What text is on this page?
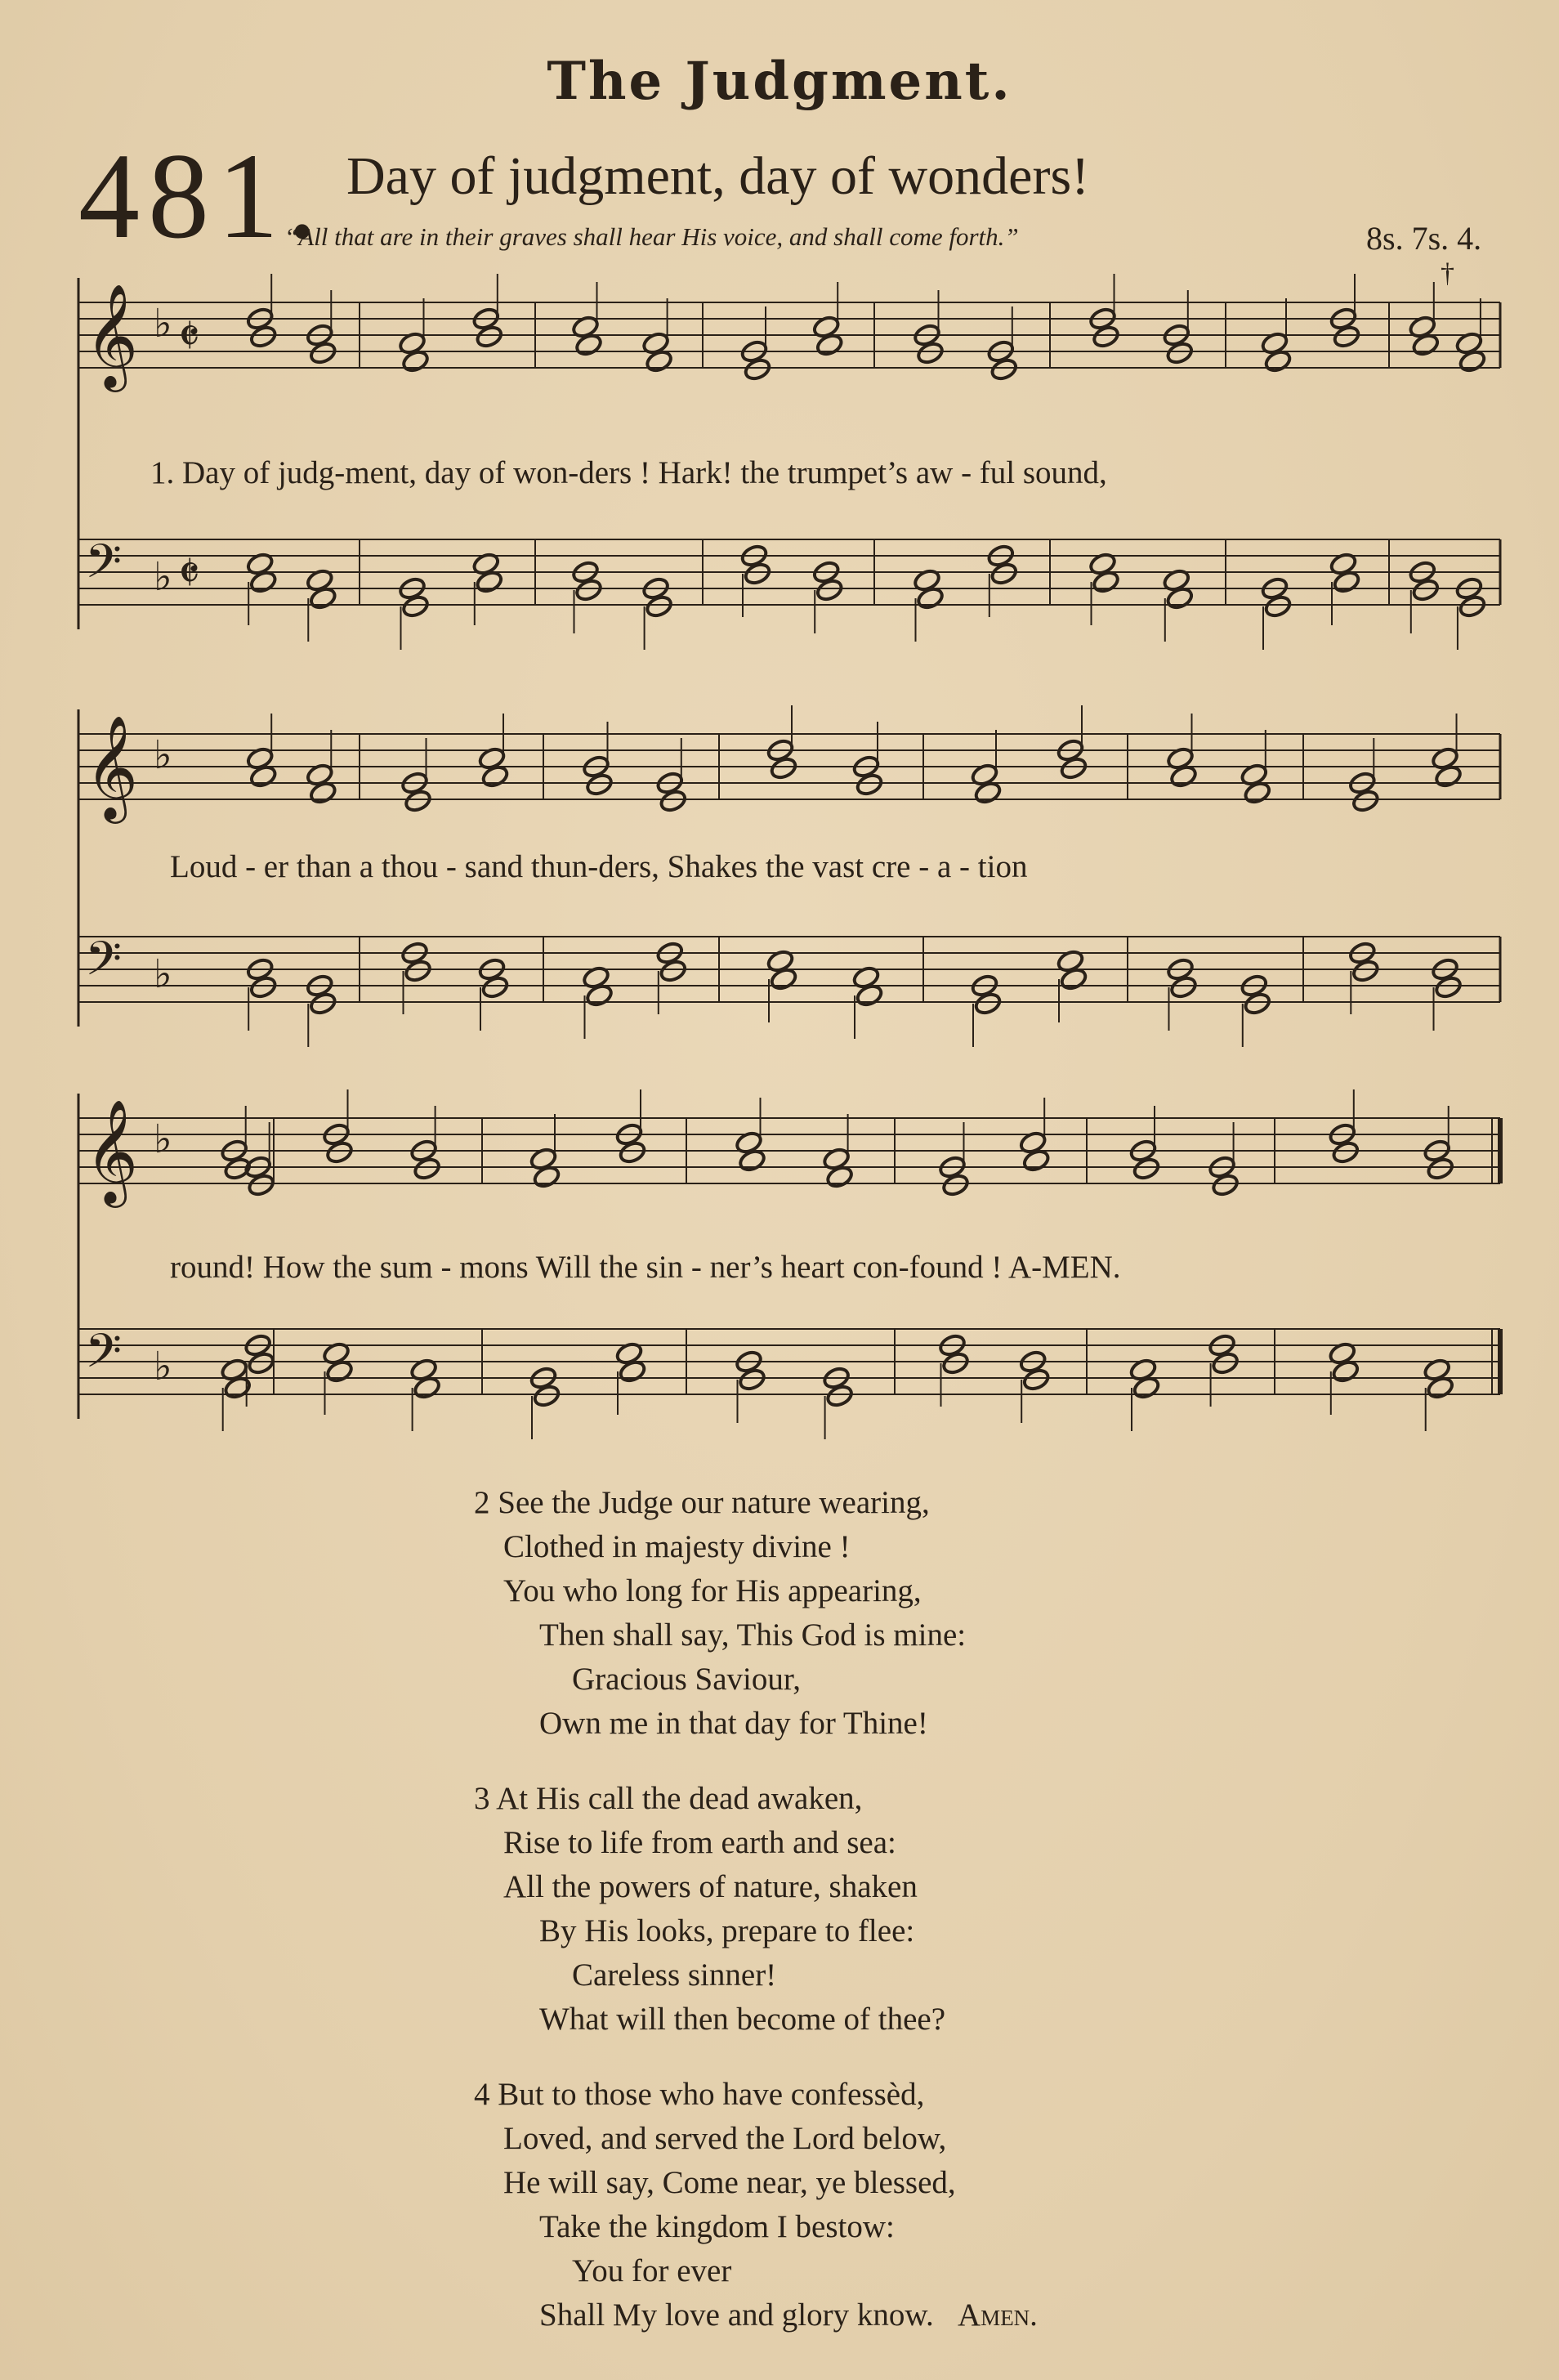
The Judgment.
481. Day of judgment, day of wonders!
“All that are in their graves shall hear His voice, and shall come forth.”	8s. 7s. 4.
†
𝄞 ♭ 𝄵
𝄢 ♭ 𝄵
𝄞 ♭
𝄢 ♭
𝄞 ♭
𝄢 ♭
1. Day of judg-ment, day of won-ders ! Hark! the trumpet’s aw - ful sound,
Loud - er than a thou - sand thun-ders, Shakes the vast cre - a - tion
round! How the sum - mons Will the sin - ner’s heart con-found ! A-MEN.
2 See the Judge our nature wearing,
Clothed in majesty divine !
You who long for His appearing,
Then shall say, This God is mine:
Gracious Saviour,
Own me in that day for Thine!
3 At His call the dead awaken,
Rise to life from earth and sea:
All the powers of nature, shaken
By His looks, prepare to flee:
Careless sinner!
What will then become of thee?
4 But to those who have confessèd,
Loved, and served the Lord below,
He will say, Come near, ye blessed,
Take the kingdom I bestow:
You for ever
Shall My love and glory know. Amen.
